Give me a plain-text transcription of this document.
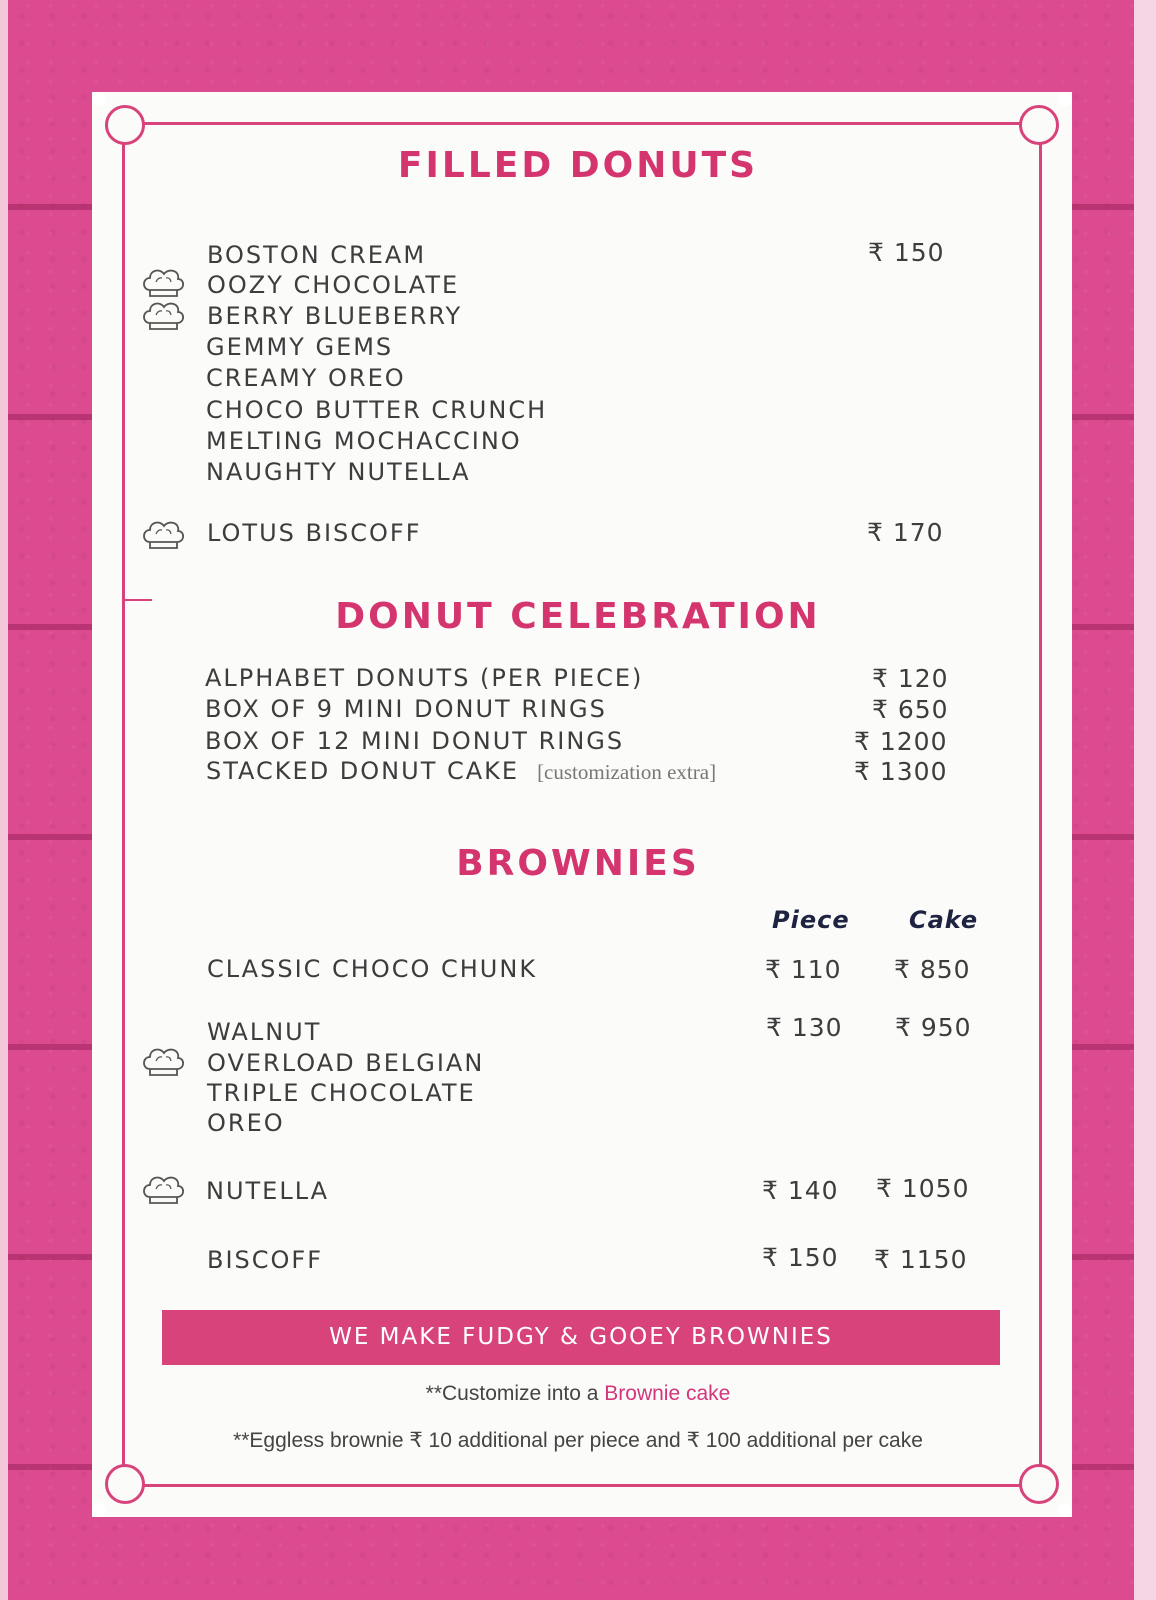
FILLED DONUTS
BOSTON CREAM
OOZY CHOCOLATE
BERRY BLUEBERRY
GEMMY GEMS
CREAMY OREO
CHOCO BUTTER CRUNCH
MELTING MOCHACCINO
NAUGHTY NUTELLA
₹ 150
LOTUS BISCOFF	₹ 170
DONUT CELEBRATION
ALPHABET DONUTS (PER PIECE)	₹ 120
BOX OF 9 MINI DONUT RINGS	₹ 650
BOX OF 12 MINI DONUT RINGS	₹ 1200
STACKED DONUT CAKE [customization extra]	₹ 1300
BROWNIES
Piece Cake
CLASSIC CHOCO CHUNK	₹ 110 ₹ 850
WALNUT
OVERLOAD BELGIAN
TRIPLE CHOCOLATE
OREO
₹ 130 ₹ 950
NUTELLA	₹ 140 ₹ 1050
BISCOFF	₹ 150 ₹ 1150
WE MAKE FUDGY & GOOEY BROWNIES
**Customize into a Brownie cake
**Eggless brownie ₹ 10 additional per piece and ₹ 100 additional per cake
